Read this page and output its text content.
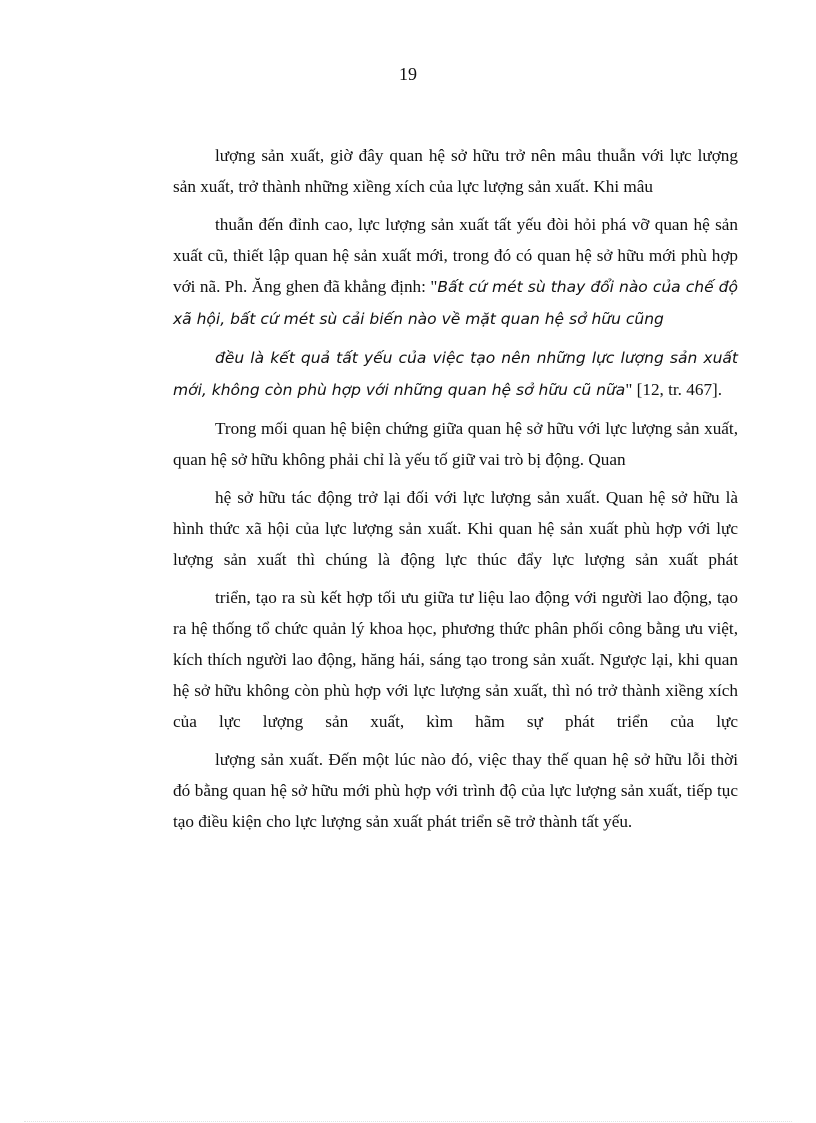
19

lượng sản xuất, giờ đây quan hệ sở hữu trở nên mâu thuẫn với lực lượng sản xuất, trở thành những xiềng xích của lực lượng sản xuất. Khi mâu

thuẫn đến đỉnh cao, lực lượng sản xuất tất yếu đòi hỏi phá vỡ quan hệ sản xuất cũ, thiết lập quan hệ sản xuất mới, trong đó có quan hệ sở hữu mới phù hợp với nã. Ph. Ăng ghen đã khẳng định: "Bất cứ mét sù thay đổi nào của chế độ xã hội, bất cứ mét sù cải biến nào về mặt quan hệ sở hữu cũng

đều là kết quả tất yếu của việc tạo nên những lực lượng sản xuất mới, không còn phù hợp với những quan hệ sở hữu cũ nữa" [12, tr. 467].

Trong mối quan hệ biện chứng giữa quan hệ sở hữu với lực lượng sản xuất, quan hệ sở hữu không phải chỉ là yếu tố giữ vai trò bị động. Quan

hệ sở hữu tác động trở lại đối với lực lượng sản xuất. Quan hệ sở hữu là hình thức xã hội của lực lượng sản xuất. Khi quan hệ sản xuất phù hợp với lực lượng sản xuất thì chúng là động lực thúc đẩy lực lượng sản xuất phát

triển, tạo ra sù kết hợp tối ưu giữa tư liệu lao động với người lao động, tạo ra hệ thống tổ chức quản lý khoa học, phương thức phân phối công bằng ưu việt, kích thích người lao động, hăng hái, sáng tạo trong sản xuất. Ngược lại, khi quan hệ sở hữu không còn phù hợp với lực lượng sản xuất, thì nó trở thành xiềng xích của lực lượng sản xuất, kìm hãm sự phát triển của lực

lượng sản xuất. Đến một lúc nào đó, việc thay thế quan hệ sở hữu lỗi thời đó bằng quan hệ sở hữu mới phù hợp với trình độ của lực lượng sản xuất, tiếp tục tạo điều kiện cho lực lượng sản xuất phát triển sẽ trở thành tất yếu.
